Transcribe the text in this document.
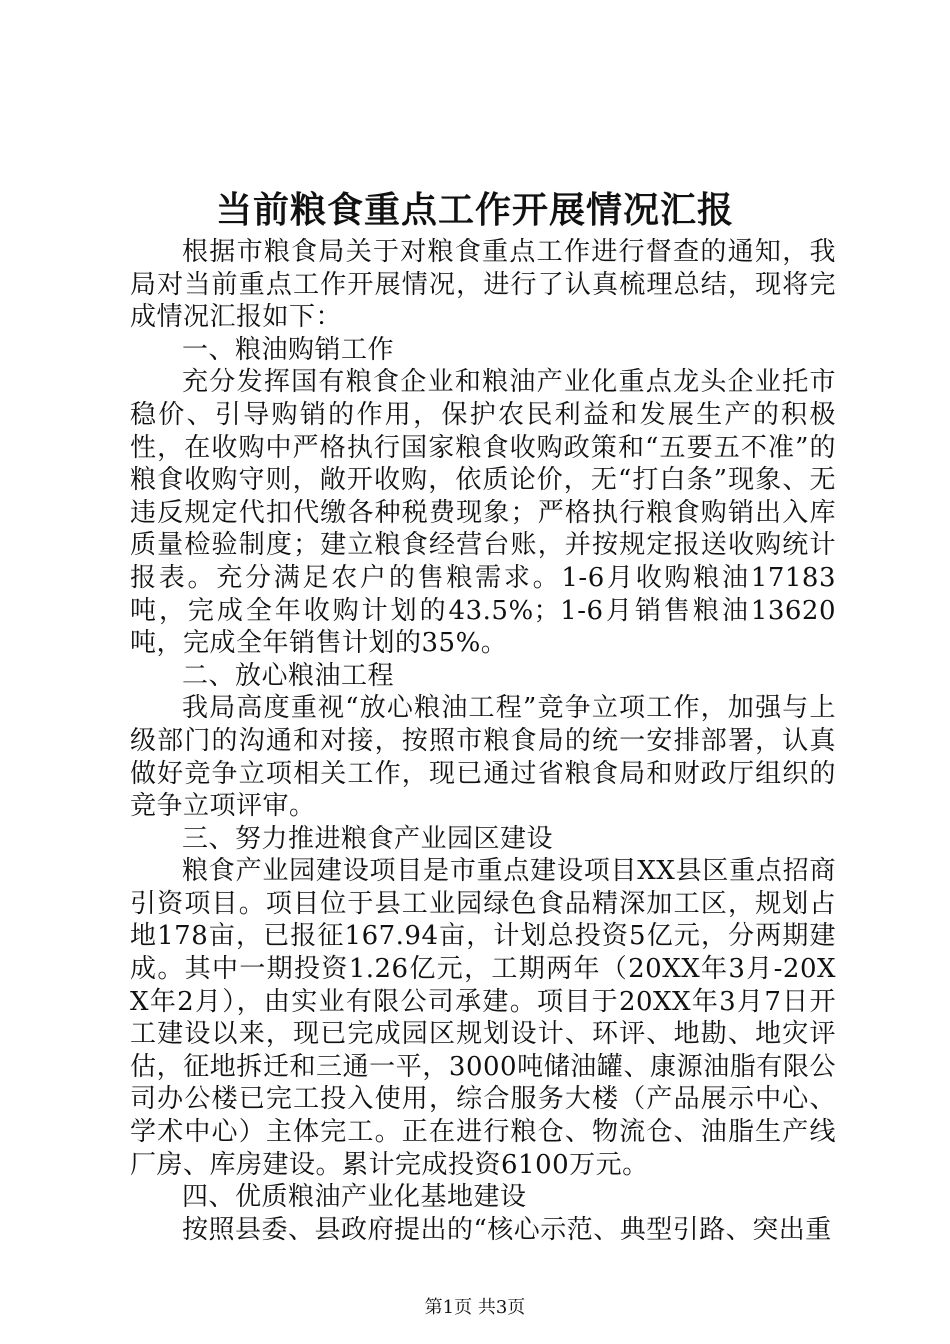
当前粮食重点工作开展情况汇报

根据市粮食局关于对粮食重点工作进行督查的通知，我局对当前重点工作开展情况，进行了认真梳理总结，现将完成情况汇报如下：

一、粮油购销工作

充分发挥国有粮食企业和粮油产业化重点龙头企业托市稳价、引导购销的作用，保护农民利益和发展生产的积极性，在收购中严格执行国家粮食收购政策和“五要五不准”的粮食收购守则，敞开收购，依质论价，无“打白条”现象、无违反规定代扣代缴各种税费现象；严格执行粮食购销出入库质量检验制度；建立粮食经营台账，并按规定报送收购统计报表。充分满足农户的售粮需求。1-6月收购粮油17183吨，完成全年收购计划的43.5%；1-6月销售粮油13620吨，完成全年销售计划的35%。

二、放心粮油工程

我局高度重视“放心粮油工程”竞争立项工作，加强与上级部门的沟通和对接，按照市粮食局的统一安排部署，认真做好竞争立项相关工作，现已通过省粮食局和财政厅组织的竞争立项评审。

三、努力推进粮食产业园区建设

粮食产业园建设项目是市重点建设项目XX县区重点招商引资项目。项目位于县工业园绿色食品精深加工区，规划占地178亩，已报征167.94亩，计划总投资5亿元，分两期建成。其中一期投资1.26亿元，工期两年（20XX年3月-20XX年2月），由实业有限公司承建。项目于20XX年3月7日开工建设以来，现已完成园区规划设计、环评、地勘、地灾评估，征地拆迁和三通一平，3000吨储油罐、康源油脂有限公司办公楼已完工投入使用，综合服务大楼（产品展示中心、学术中心）主体完工。正在进行粮仓、物流仓、油脂生产线厂房、库房建设。累计完成投资6100万元。

四、优质粮油产业化基地建设

按照县委、县政府提出的“核心示范、典型引路、突出重

第1页 共3页
